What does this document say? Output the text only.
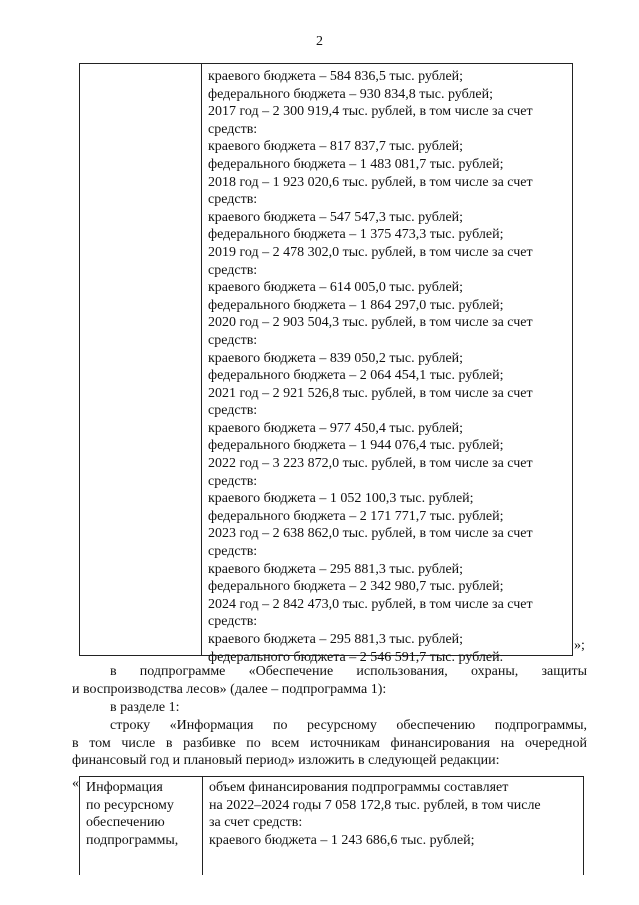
2
краевого бюджета – 584 836,5 тыс. рублей;
федерального бюджета – 930 834,8 тыс. рублей;
2017 год – 2 300 919,4 тыс. рублей, в том числе за счет
средств:
краевого бюджета – 817 837,7 тыс. рублей;
федерального бюджета – 1 483 081,7 тыс. рублей;
2018 год – 1 923 020,6 тыс. рублей, в том числе за счет
средств:
краевого бюджета – 547 547,3 тыс. рублей;
федерального бюджета – 1 375 473,3 тыс. рублей;
2019 год – 2 478 302,0 тыс. рублей, в том числе за счет
средств:
краевого бюджета – 614 005,0 тыс. рублей;
федерального бюджета – 1 864 297,0 тыс. рублей;
2020 год – 2 903 504,3 тыс. рублей, в том числе за счет
средств:
краевого бюджета – 839 050,2 тыс. рублей;
федерального бюджета – 2 064 454,1 тыс. рублей;
2021 год – 2 921 526,8 тыс. рублей, в том числе за счет
средств:
краевого бюджета – 977 450,4 тыс. рублей;
федерального бюджета – 1 944 076,4 тыс. рублей;
2022 год – 3 223 872,0 тыс. рублей, в том числе за счет
средств:
краевого бюджета – 1 052 100,3 тыс. рублей;
федерального бюджета – 2 171 771,7 тыс. рублей;
2023 год – 2 638 862,0 тыс. рублей, в том числе за счет
средств:
краевого бюджета – 295 881,3 тыс. рублей;
федерального бюджета – 2 342 980,7 тыс. рублей;
2024 год – 2 842 473,0 тыс. рублей, в том числе за счет
средств:
краевого бюджета – 295 881,3 тыс. рублей;
федерального бюджета – 2 546 591,7 тыс. рублей.
»;
в подпрограмме «Обеспечение использования, охраны, защиты
и воспроизводства лесов» (далее – подпрограмма 1):
в разделе 1:
строку «Информация по ресурсному обеспечению подпрограммы,
в том числе в разбивке по всем источникам финансирования на очередной
финансовый год и плановый период» изложить в следующей редакции:
« Информация
по ресурсному
обеспечению
подпрограммы,
объем финансирования подпрограммы составляет
на 2022–2024 годы 7 058 172,8 тыс. рублей, в том числе
за счет средств:
краевого бюджета – 1 243 686,6 тыс. рублей;
